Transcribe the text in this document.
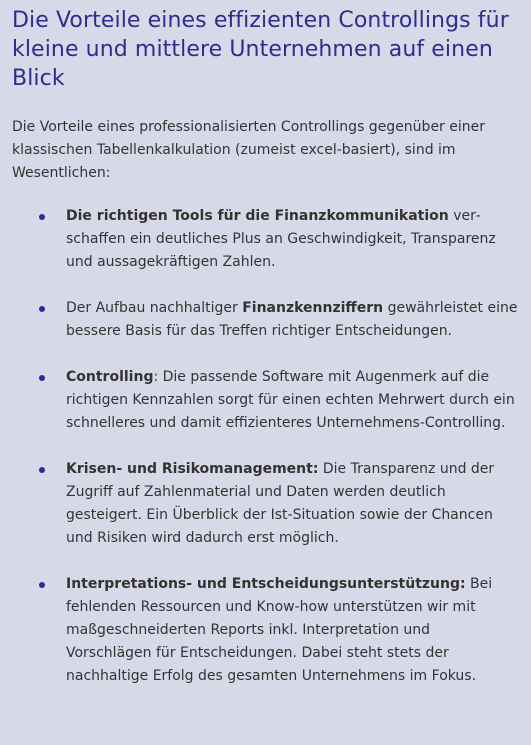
Die Vorteile eines effizienten Controllings für kleine und mittlere Unternehmen auf einen Blick

Die Vorteile eines professionalisierten Controllings gegenüber einer klassischen Tabellenkalkulation (zumeist excel-basiert), sind im Wesentlichen:

Die richtigen Tools für die Finanzkommunikation verschaffen ein deutliches Plus an Geschwindigkeit, Transparenz und aussagekräftigen Zahlen.
Der Aufbau nachhaltiger Finanzkennziffern gewährleistet eine bessere Basis für das Treffen richtiger Entscheidungen.
Controlling: Die passende Software mit Augenmerk auf die richtigen Kennzahlen sorgt für einen echten Mehrwert durch ein schnelleres und damit effizienteres Unternehmens-Controlling.
Krisen- und Risikomanagement: Die Transparenz und der Zugriff auf Zahlenmaterial und Daten werden deutlich gesteigert. Ein Überblick der Ist-Situation sowie der Chancen und Risiken wird dadurch erst möglich.
Interpretations- und Entscheidungsunterstützung: Bei fehlenden Ressourcen und Know-how unterstützen wir mit maßgeschneiderten Reports inkl. Interpretation und Vorschlägen für Entscheidungen. Dabei steht stets der nachhaltige Erfolg des gesamten Unternehmens im Fokus.
